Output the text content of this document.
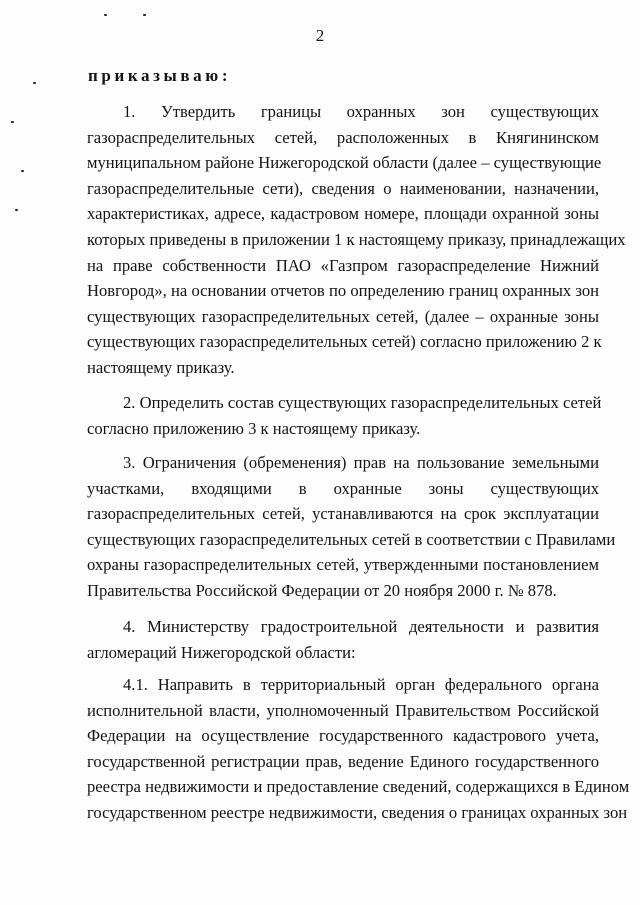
2
приказываю:
1. Утвердить границы охранных зон существующих
газораспределительных сетей, расположенных в Княгининском
муниципальном районе Нижегородской области (далее – существующие
газораспределительные сети), сведения о наименовании, назначении,
характеристиках, адресе, кадастровом номере, площади охранной зоны
которых приведены в приложении 1 к настоящему приказу, принадлежащих
на праве собственности ПАО «Газпром газораспределение Нижний
Новгород», на основании отчетов по определению границ охранных зон
существующих газораспределительных сетей, (далее – охранные зоны
существующих газораспределительных сетей) согласно приложению 2 к
настоящему приказу.
2. Определить состав существующих газораспределительных сетей
согласно приложению 3 к настоящему приказу.
3. Ограничения (обременения) прав на пользование земельными
участками, входящими в охранные зоны существующих
газораспределительных сетей, устанавливаются на срок эксплуатации
существующих газораспределительных сетей в соответствии с Правилами
охраны газораспределительных сетей, утвержденными постановлением
Правительства Российской Федерации от 20 ноября 2000 г. № 878.
4. Министерству градостроительной деятельности и развития
агломераций Нижегородской области:
4.1. Направить в территориальный орган федерального органа
исполнительной власти, уполномоченный Правительством Российской
Федерации на осуществление государственного кадастрового учета,
государственной регистрации прав, ведение Единого государственного
реестра недвижимости и предоставление сведений, содержащихся в Едином
государственном реестре недвижимости, сведения о границах охранных зон
